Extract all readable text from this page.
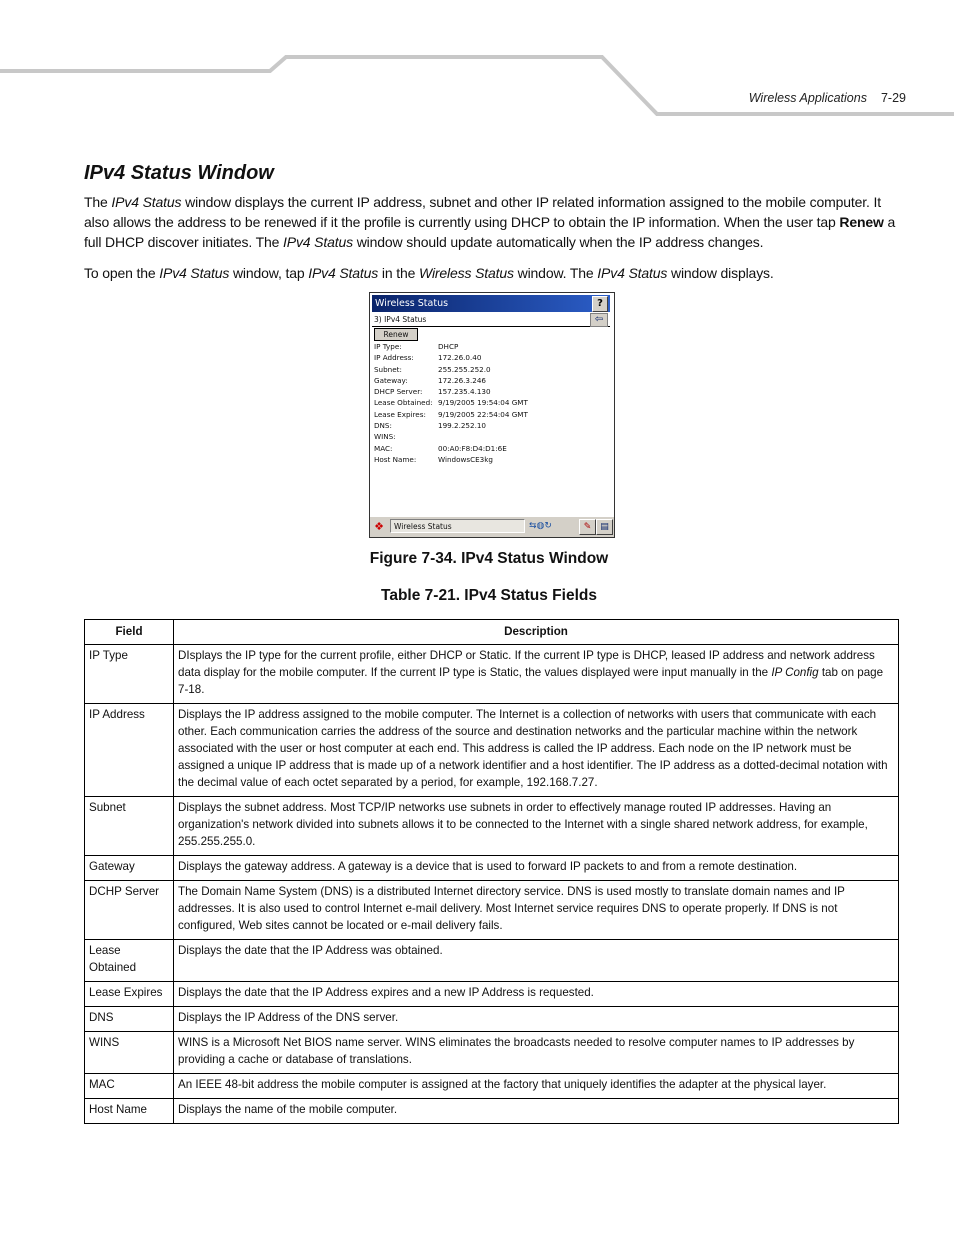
Wireless Applications 7-29
IPv4 Status Window

The IPv4 Status window displays the current IP address, subnet and other IP related information assigned to the mobile computer. It also allows the address to be renewed if it the profile is currently using DHCP to obtain the IP information. When the user tap Renew a full DHCP discover initiates. The IPv4 Status window should update automatically when the IP address changes.

To open the IPv4 Status window, tap IPv4 Status in the Wireless Status window. The IPv4 Status window displays.

Wireless Status	?
3) IPv4 Status	⇦
Renew
IP Type:	DHCP
IP Address:	172.26.0.40
Subnet:	255.255.252.0
Gateway:	172.26.3.246
DHCP Server: 157.235.4.130
Lease Obtained: 9/19/2005 19:54:04 GMT
Lease Expires: 9/19/2005 22:54:04 GMT
DNS:	199.2.252.10
WINS:
MAC:	00:A0:F8:D4:D1:6E
Host Name:	WindowsCE3kg
❖	Wireless Status	⇆◍↻	✎ ▤
Figure 7-34. IPv4 Status Window
Table 7-21. IPv4 Status Fields
Field	Description
IP Type	DIsplays the IP type for the current profile, either DHCP or Static. If the current IP type is DHCP, leased IP address and network address data display for the mobile computer. If the current IP type is Static, the values displayed were input manually in the IP Config tab on page 7-18.
IP Address	Displays the IP address assigned to the mobile computer. The Internet is a collection of networks with users that communicate with each other. Each communication carries the address of the source and destination networks and the particular machine within the network associated with the user or host computer at each end. This address is called the IP address. Each node on the IP network must be assigned a unique IP address that is made up of a network identifier and a host identifier. The IP address as a dotted-decimal notation with the decimal value of each octet separated by a period, for example, 192.168.7.27.
Subnet	Displays the subnet address. Most TCP/IP networks use subnets in order to effectively manage routed IP addresses. Having an organization's network divided into subnets allows it to be connected to the Internet with a single shared network address, for example, 255.255.255.0.
Gateway	Displays the gateway address. A gateway is a device that is used to forward IP packets to and from a remote destination.
DCHP Server	The Domain Name System (DNS) is a distributed Internet directory service. DNS is used mostly to translate domain names and IP addresses. It is also used to control Internet e-mail delivery. Most Internet service requires DNS to operate properly. If DNS is not configured, Web sites cannot be located or e-mail delivery fails.
Lease Obtained	Displays the date that the IP Address was obtained.
Lease Expires	Displays the date that the IP Address expires and a new IP Address is requested.
DNS	Displays the IP Address of the DNS server.
WINS	WINS is a Microsoft Net BIOS name server. WINS eliminates the broadcasts needed to resolve computer names to IP addresses by providing a cache or database of translations.
MAC	An IEEE 48-bit address the mobile computer is assigned at the factory that uniquely identifies the adapter at the physical layer.
Host Name	Displays the name of the mobile computer.
